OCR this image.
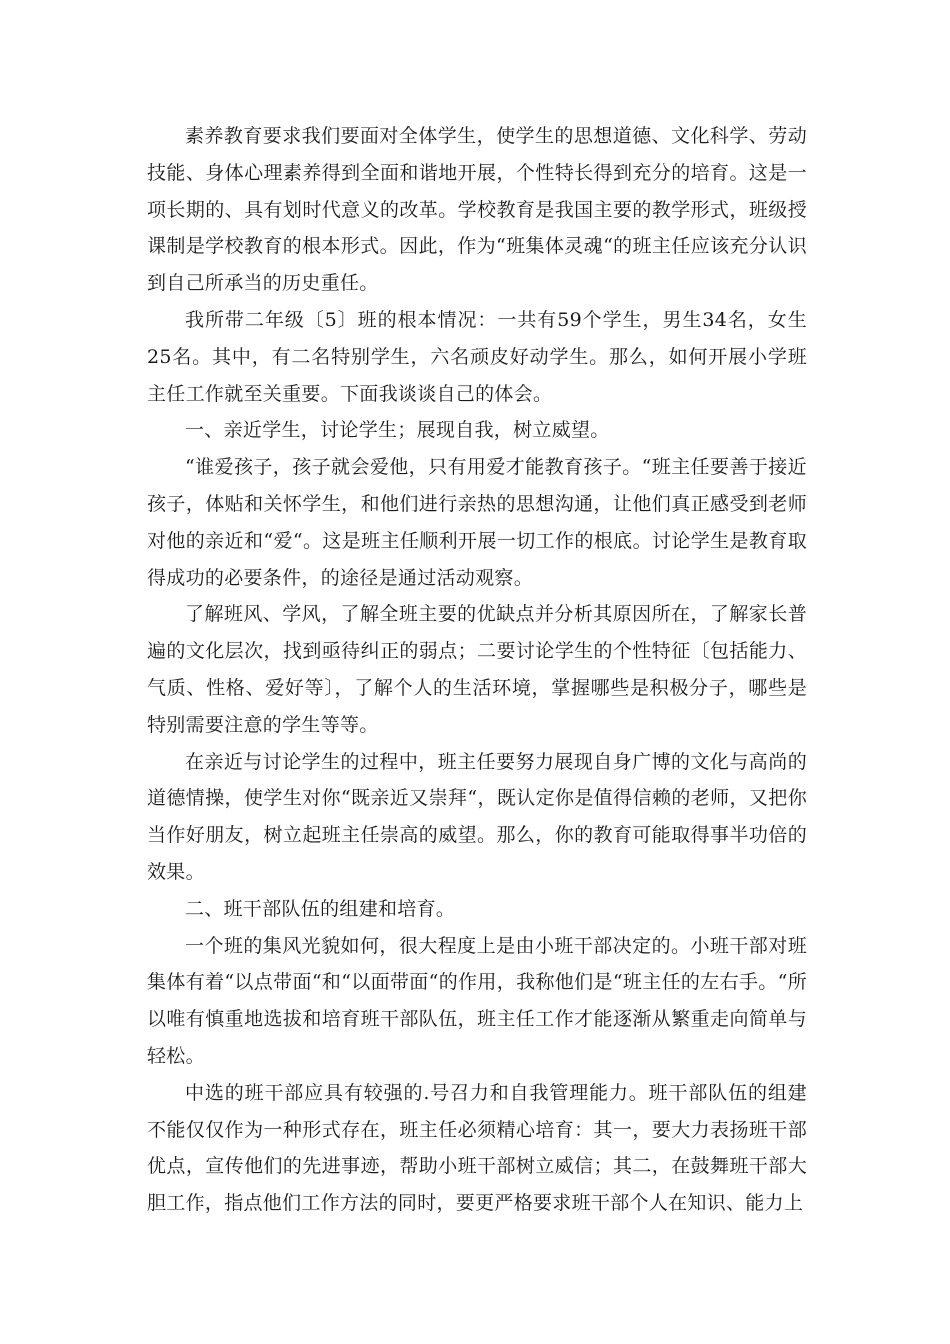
素养教育要求我们要面对全体学生，使学生的思想道德、文化科学、劳动技能、身体心理素养得到全面和谐地开展，个性特长得到充分的培育。这是一项长期的、具有划时代意义的改革。学校教育是我国主要的教学形式，班级授课制是学校教育的根本形式。因此，作为“班集体灵魂“的班主任应该充分认识到自己所承当的历史重任。

我所带二年级〔5〕班的根本情况：一共有59个学生，男生34名，女生25名。其中，有二名特别学生，六名顽皮好动学生。那么，如何开展小学班主任工作就至关重要。下面我谈谈自己的体会。

一、亲近学生，讨论学生；展现自我，树立威望。

“谁爱孩子，孩子就会爱他，只有用爱才能教育孩子。“班主任要善于接近孩子，体贴和关怀学生，和他们进行亲热的思想沟通，让他们真正感受到老师对他的亲近和“爱“。这是班主任顺利开展一切工作的根底。讨论学生是教育取得成功的必要条件，的途径是通过活动观察。

了解班风、学风，了解全班主要的优缺点并分析其原因所在，了解家长普遍的文化层次，找到亟待纠正的弱点；二要讨论学生的个性特征〔包括能力、气质、性格、爱好等〕，了解个人的生活环境，掌握哪些是积极分子，哪些是特别需要注意的学生等等。

在亲近与讨论学生的过程中，班主任要努力展现自身广博的文化与高尚的道德情操，使学生对你“既亲近又崇拜“，既认定你是值得信赖的老师，又把你当作好朋友，树立起班主任崇高的威望。那么，你的教育可能取得事半功倍的效果。

二、班干部队伍的组建和培育。

一个班的集风光貌如何，很大程度上是由小班干部决定的。小班干部对班集体有着“以点带面“和“以面带面“的作用，我称他们是“班主任的左右手。“所以唯有慎重地选拔和培育班干部队伍，班主任工作才能逐渐从繁重走向简单与轻松。

中选的班干部应具有较强的.号召力和自我管理能力。班干部队伍的组建不能仅仅作为一种形式存在，班主任必须精心培育：其一，要大力表扬班干部优点，宣传他们的先进事迹，帮助小班干部树立威信；其二，在鼓舞班干部大胆工作，指点他们工作方法的同时，要更严格要求班干部个人在知识、能力上
